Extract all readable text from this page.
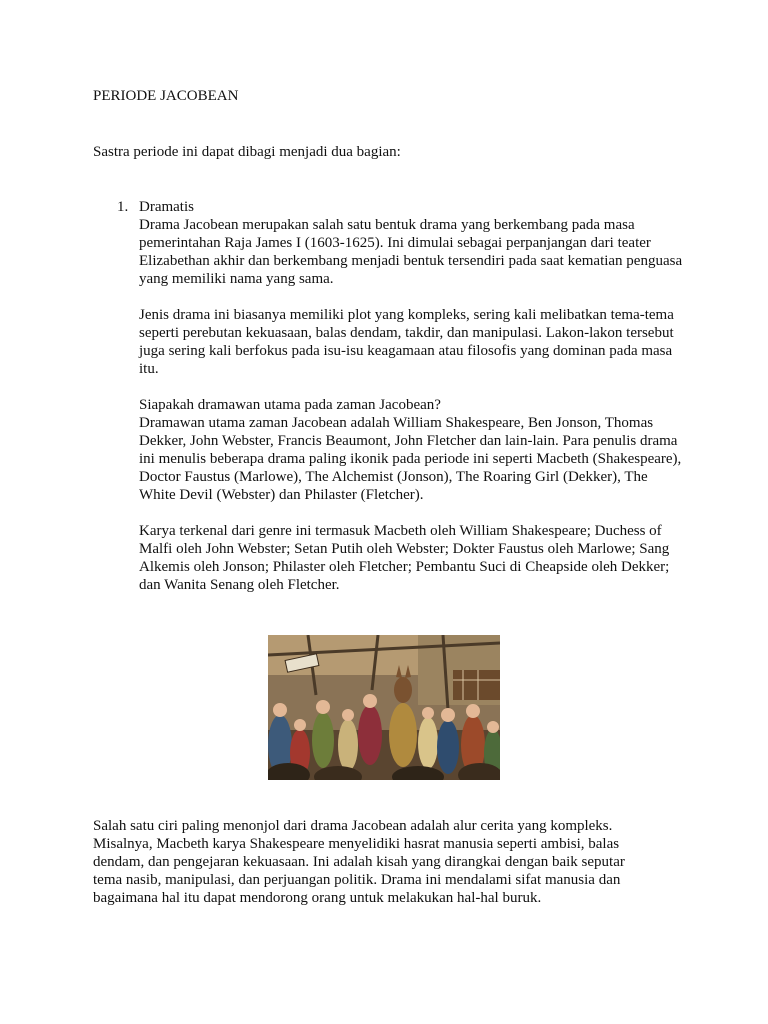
PERIODE JACOBEAN
Sastra periode ini dapat dibagi menjadi dua bagian:
1. Dramatis

Drama Jacobean merupakan salah satu bentuk drama yang berkembang pada masa pemerintahan Raja James I (1603-1625). Ini dimulai sebagai perpanjangan dari teater Elizabethan akhir dan berkembang menjadi bentuk tersendiri pada saat kematian penguasa yang memiliki nama yang sama.

Jenis drama ini biasanya memiliki plot yang kompleks, sering kali melibatkan tema-tema seperti perebutan kekuasaan, balas dendam, takdir, dan manipulasi. Lakon-lakon tersebut juga sering kali berfokus pada isu-isu keagamaan atau filosofis yang dominan pada masa itu.

Siapakah dramawan utama pada zaman Jacobean?

Dramawan utama zaman Jacobean adalah William Shakespeare, Ben Jonson, Thomas Dekker, John Webster, Francis Beaumont, John Fletcher dan lain-lain. Para penulis drama ini menulis beberapa drama paling ikonik pada periode ini seperti Macbeth (Shakespeare), Doctor Faustus (Marlowe), The Alchemist (Jonson), The Roaring Girl (Dekker), The White Devil (Webster) dan Philaster (Fletcher).

Karya terkenal dari genre ini termasuk Macbeth oleh William Shakespeare; Duchess of Malfi oleh John Webster; Setan Putih oleh Webster; Dokter Faustus oleh Marlowe; Sang Alkemis oleh Jonson; Philaster oleh Fletcher; Pembantu Suci di Cheapside oleh Dekker; dan Wanita Senang oleh Fletcher.

Salah satu ciri paling menonjol dari drama Jacobean adalah alur cerita yang kompleks. Misalnya, Macbeth karya Shakespeare menyelidiki hasrat manusia seperti ambisi, balas dendam, dan pengejaran kekuasaan. Ini adalah kisah yang dirangkai dengan baik seputar tema nasib, manipulasi, dan perjuangan politik. Drama ini mendalami sifat manusia dan bagaimana hal itu dapat mendorong orang untuk melakukan hal-hal buruk.
